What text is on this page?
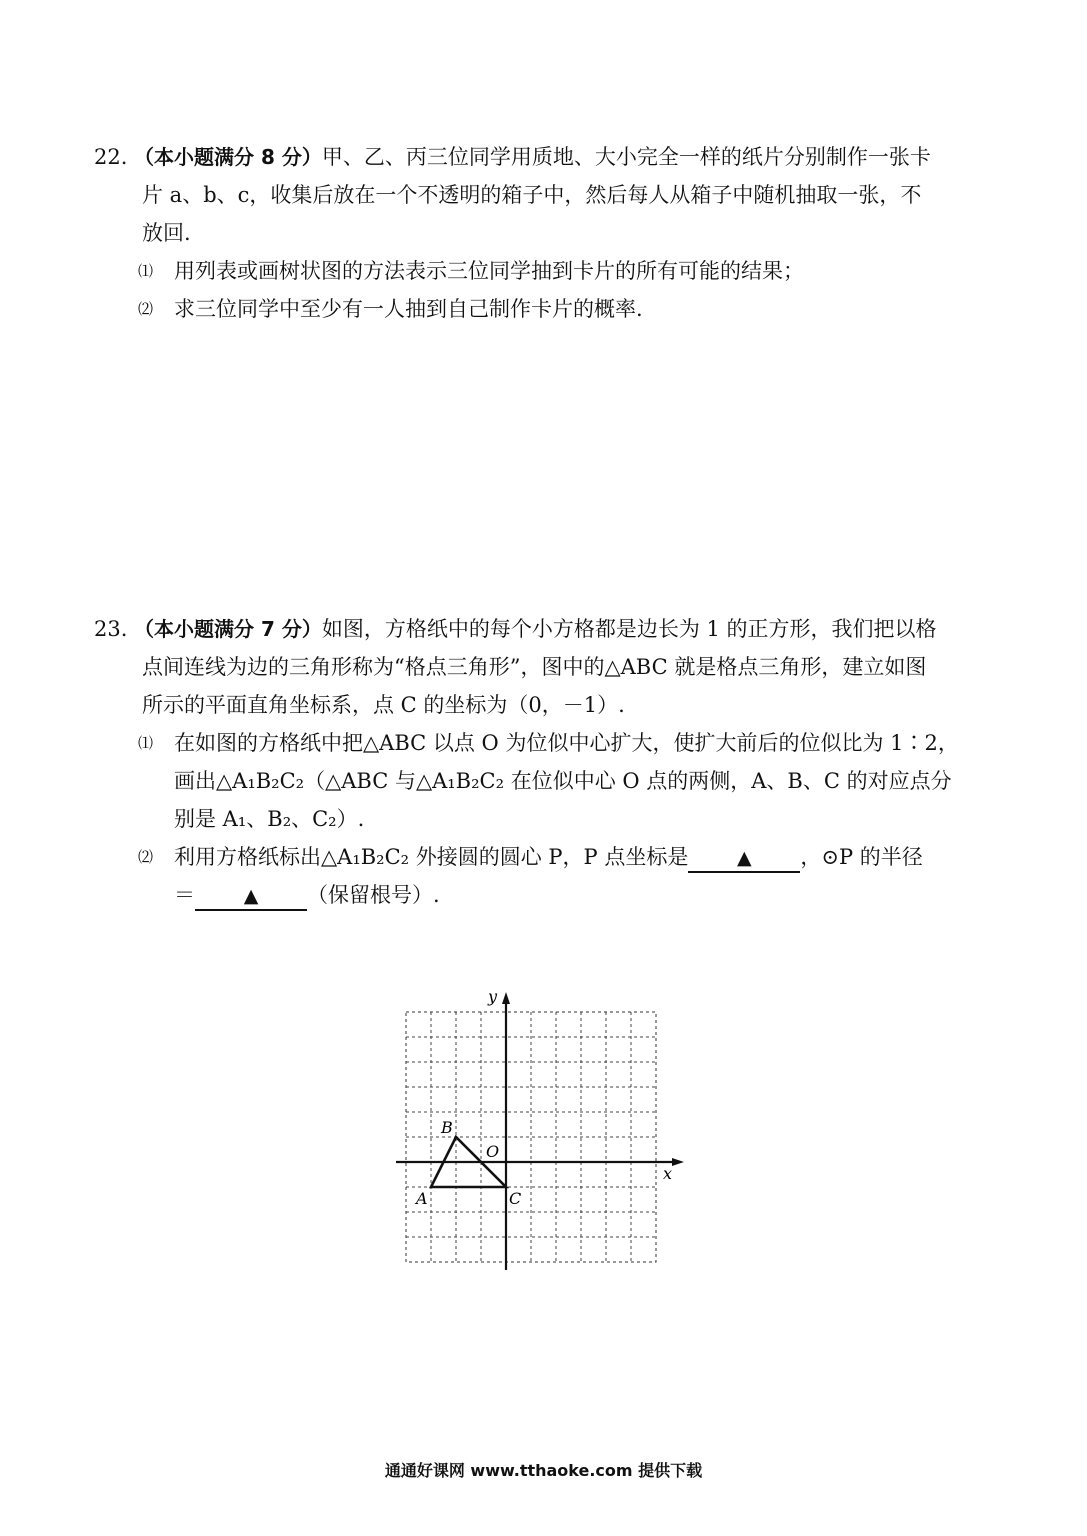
22. （本小题满分 8 分）甲、乙、丙三位同学用质地、大小完全一样的纸片分别制作一张卡
片 a、b、c，收集后放在一个不透明的箱子中，然后每人从箱子中随机抽取一张，不
放回.
⑴ 用列表或画树状图的方法表示三位同学抽到卡片的所有可能的结果；
⑵ 求三位同学中至少有一人抽到自己制作卡片的概率.
23. （本小题满分 7 分）如图，方格纸中的每个小方格都是边长为 1 的正方形，我们把以格
点间连线为边的三角形称为“格点三角形”，图中的△ABC 就是格点三角形，建立如图
所示的平面直角坐标系，点 C 的坐标为（0，－1）.
⑴ 在如图的方格纸中把△ABC 以点 O 为位似中心扩大，使扩大前后的位似比为 1∶2，
画出△A₁B₂C₂（△ABC 与△A₁B₂C₂ 在位似中心 O 点的两侧，A、B、C 的对应点分
别是 A₁、B₂、C₂）.
⑵ 利用方格纸标出△A₁B₂C₂ 外接圆的圆心 P，P 点坐标是	▲ ，⊙P 的半径
＝	▲ （保留根号）.
x
y
A
B
C
O
通通好课网 www.tthaoke.com 提供下载
